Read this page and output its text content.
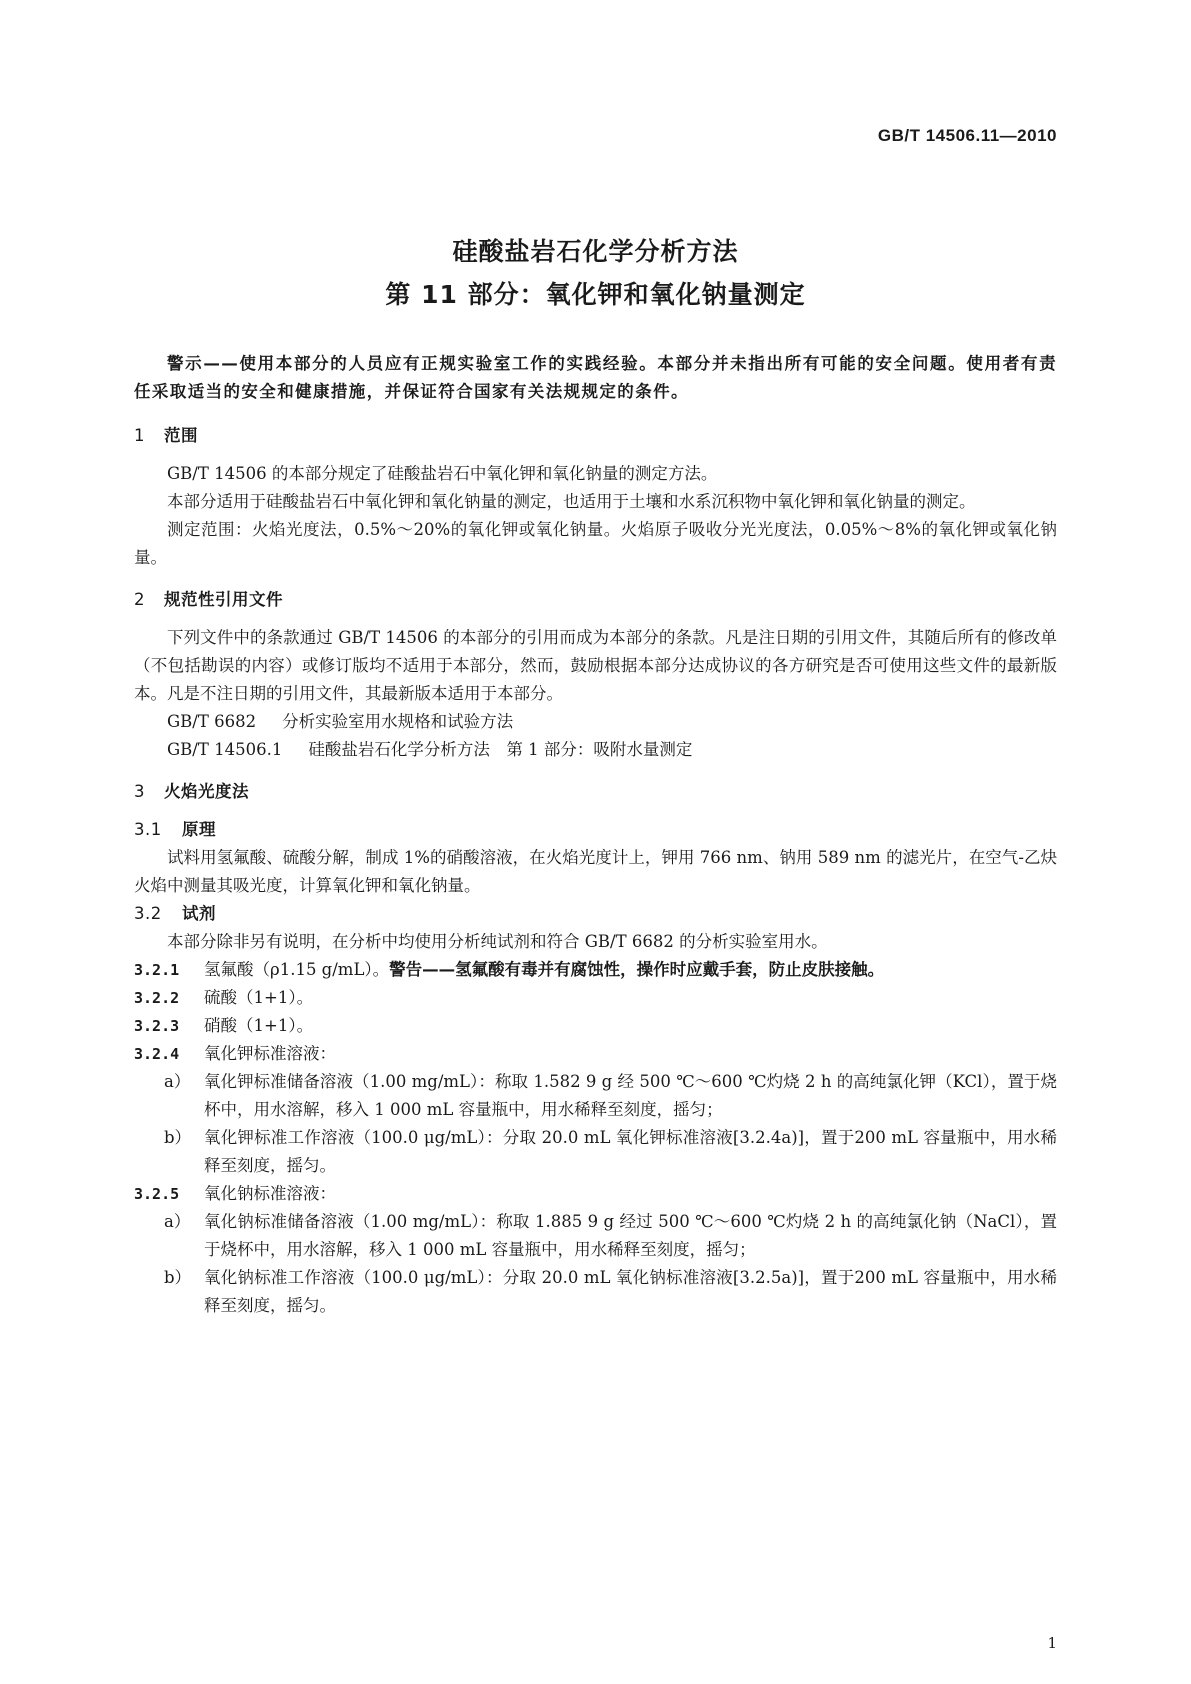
GB/T 14506.11—2010
硅酸盐岩石化学分析方法
第 11 部分：氧化钾和氧化钠量测定

警示——使用本部分的人员应有正规实验室工作的实践经验。本部分并未指出所有可能的安全问题。使用者有责任采取适当的安全和健康措施，并保证符合国家有关法规规定的条件。

1 范围

GB/T 14506 的本部分规定了硅酸盐岩石中氧化钾和氧化钠量的测定方法。

本部分适用于硅酸盐岩石中氧化钾和氧化钠量的测定，也适用于土壤和水系沉积物中氧化钾和氧化钠量的测定。

测定范围：火焰光度法，0.5%～20%的氧化钾或氧化钠量。火焰原子吸收分光光度法，0.05%～8%的氧化钾或氧化钠量。

2 规范性引用文件

下列文件中的条款通过 GB/T 14506 的本部分的引用而成为本部分的条款。凡是注日期的引用文件，其随后所有的修改单（不包括勘误的内容）或修订版均不适用于本部分，然而，鼓励根据本部分达成协议的各方研究是否可使用这些文件的最新版本。凡是不注日期的引用文件，其最新版本适用于本部分。

GB/T 6682 分析实验室用水规格和试验方法

GB/T 14506.1 硅酸盐岩石化学分析方法　第 1 部分：吸附水量测定

3 火焰光度法
3.1 原理

试料用氢氟酸、硫酸分解，制成 1%的硝酸溶液，在火焰光度计上，钾用 766 nm、钠用 589 nm 的滤光片，在空气-乙炔火焰中测量其吸光度，计算氧化钾和氧化钠量。

3.2 试剂

本部分除非另有说明，在分析中均使用分析纯试剂和符合 GB/T 6682 的分析实验室用水。

3.2.1 氢氟酸（ρ1.15 g/mL）。警告——氢氟酸有毒并有腐蚀性，操作时应戴手套，防止皮肤接触。

3.2.2 硫酸（1+1）。

3.2.3 硝酸（1+1）。

3.2.4 氧化钾标准溶液：

a） 氧化钾标准储备溶液（1.00 mg/mL）：称取 1.582 9 g 经 500 ℃～600 ℃灼烧 2 h 的高纯氯化钾（KCl），置于烧杯中，用水溶解，移入 1 000 mL 容量瓶中，用水稀释至刻度，摇匀；
b） 氧化钾标准工作溶液（100.0 μg/mL）：分取 20.0 mL 氧化钾标准溶液[3.2.4a)]，置于200 mL 容量瓶中，用水稀释至刻度，摇匀。

3.2.5 氧化钠标准溶液：

a） 氧化钠标准储备溶液（1.00 mg/mL）：称取 1.885 9 g 经过 500 ℃～600 ℃灼烧 2 h 的高纯氯化钠（NaCl），置于烧杯中，用水溶解，移入 1 000 mL 容量瓶中，用水稀释至刻度，摇匀；
b） 氧化钠标准工作溶液（100.0 μg/mL）：分取 20.0 mL 氧化钠标准溶液[3.2.5a)]，置于200 mL 容量瓶中，用水稀释至刻度，摇匀。
1
